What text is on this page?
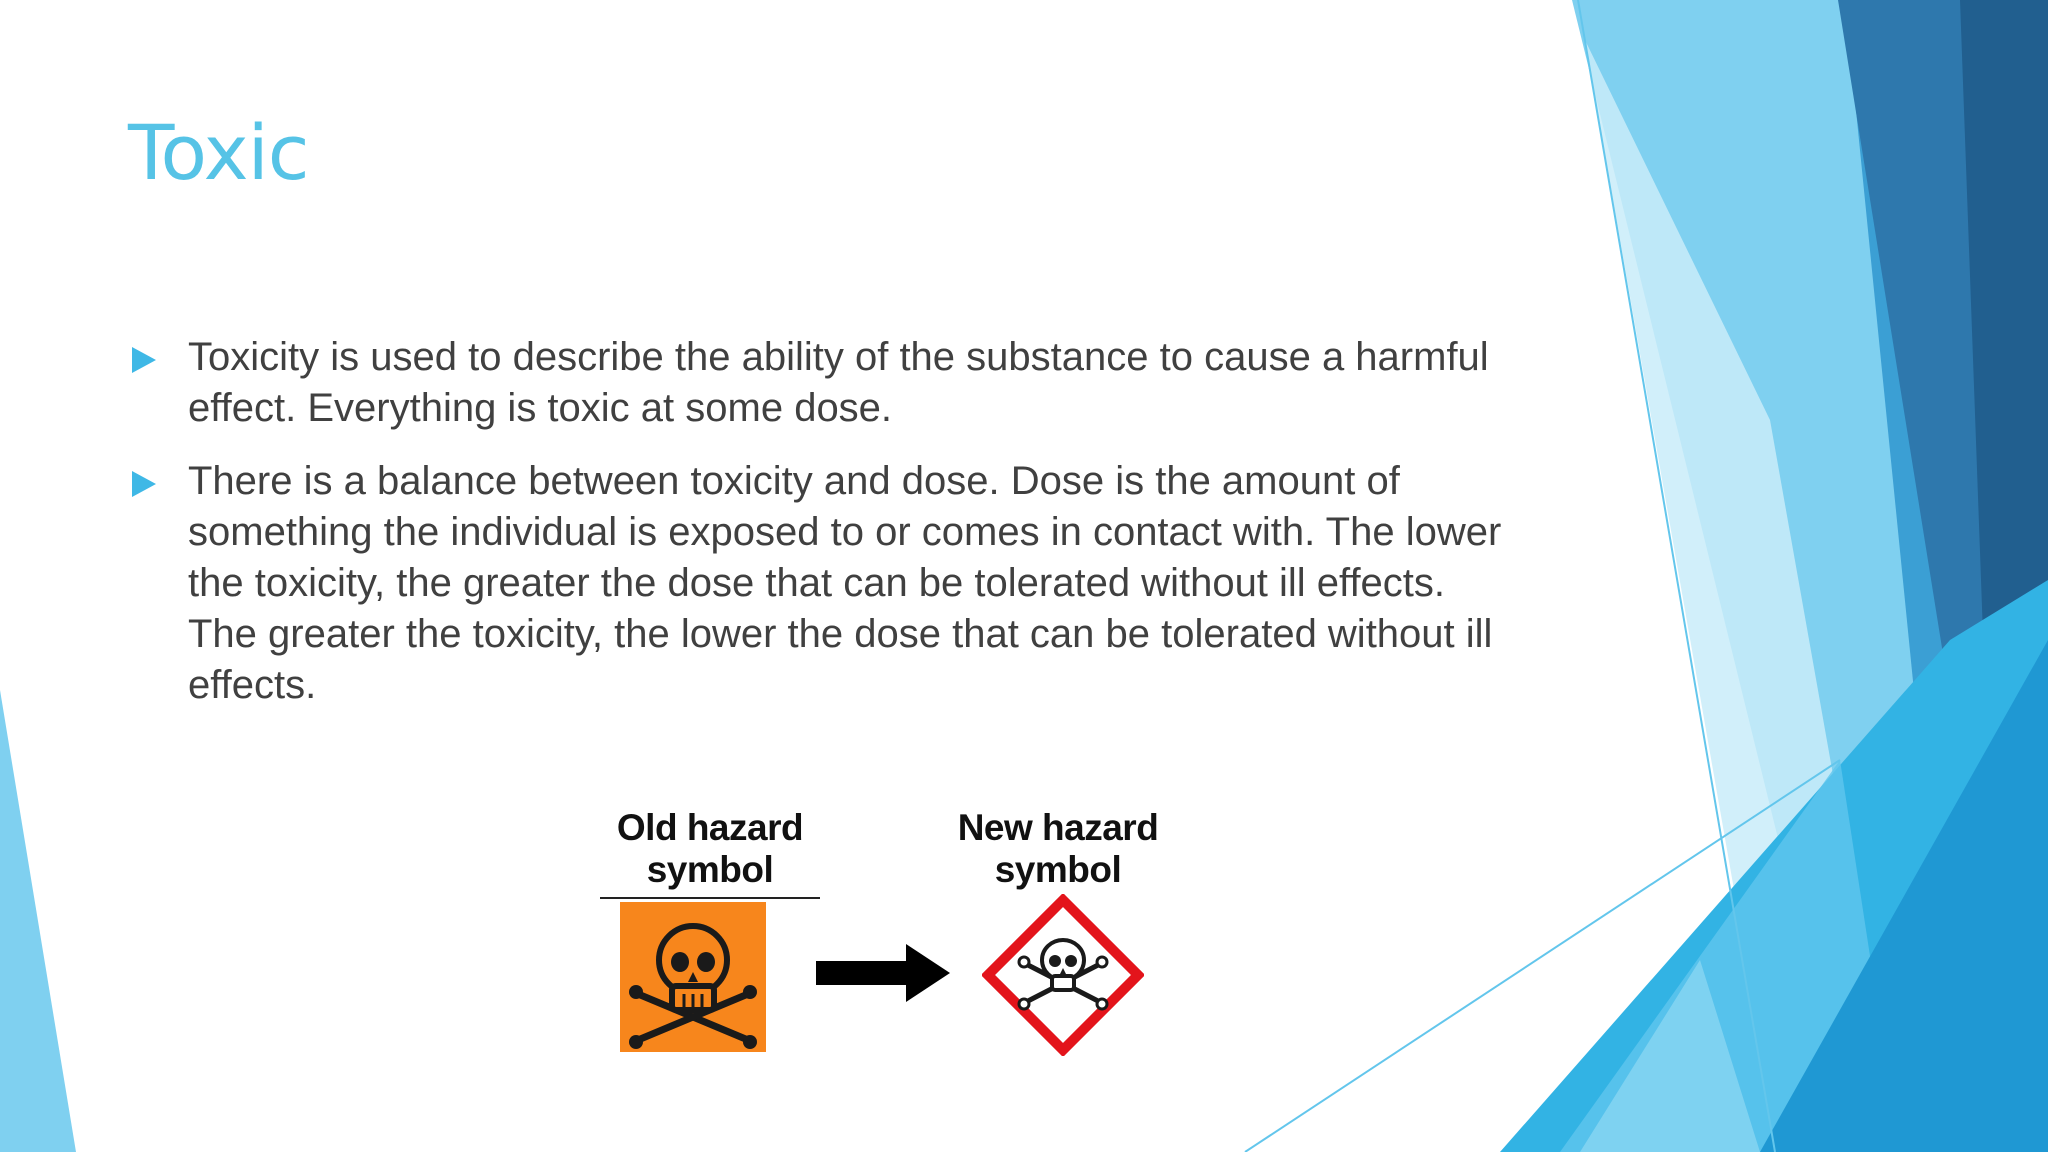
Toxic
Toxicity is used to describe the ability of the substance to cause a harmful effect. Everything is toxic at some dose.
There is a balance between toxicity and dose. Dose is the amount of something the individual is exposed to or comes in contact with. The lower the toxicity, the greater the dose that can be tolerated without ill effects. The greater the toxicity, the lower the dose that can be tolerated without ill effects.
Old hazard symbol
New hazard symbol
